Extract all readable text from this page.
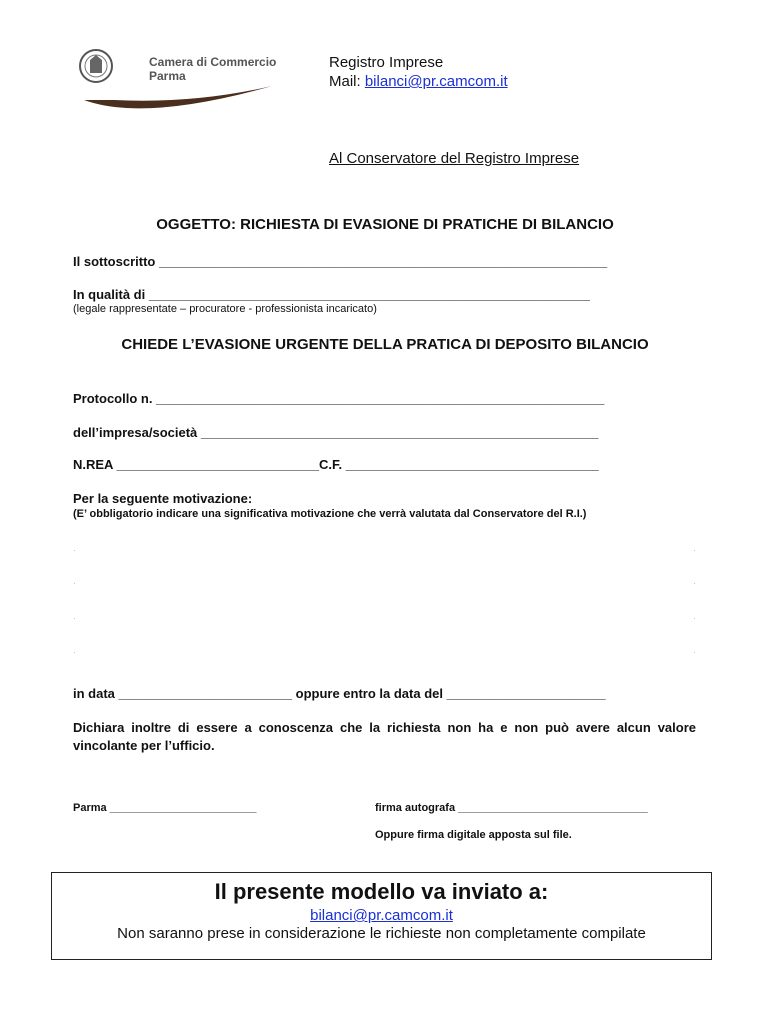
Camera di Commercio
Parma
Registro Imprese
Mail: bilanci@pr.camcom.it
Al Conservatore del Registro Imprese
OGGETTO: RICHIESTA DI EVASIONE DI PRATICHE DI BILANCIO
Il sottoscritto ______________________________________________________________
In qualità di _____________________________________________________________
(legale rappresentate – procuratore - professionista incaricato)
CHIEDE L’EVASIONE URGENTE DELLA PRATICA DI DEPOSITO BILANCIO
Protocollo n. ______________________________________________________________
dell’impresa/società _______________________________________________________
N.REA ____________________________C.F. ___________________________________
Per la seguente motivazione:
(E’ obbligatorio indicare una significativa motivazione che verrà valutata dal Conservatore del R.I.)
·	·
·	·
·	·
·	·
in data ________________________ oppure entro la data del ______________________
Dichiara inoltre di essere a conoscenza che la richiesta non ha e non può avere alcun valore vincolante per l’ufficio.
Parma ________________________	firma autografa _______________________________
Oppure firma digitale apposta sul file.
Il presente modello va inviato a:
bilanci@pr.camcom.it
Non saranno prese in considerazione le richieste non completamente compilate
